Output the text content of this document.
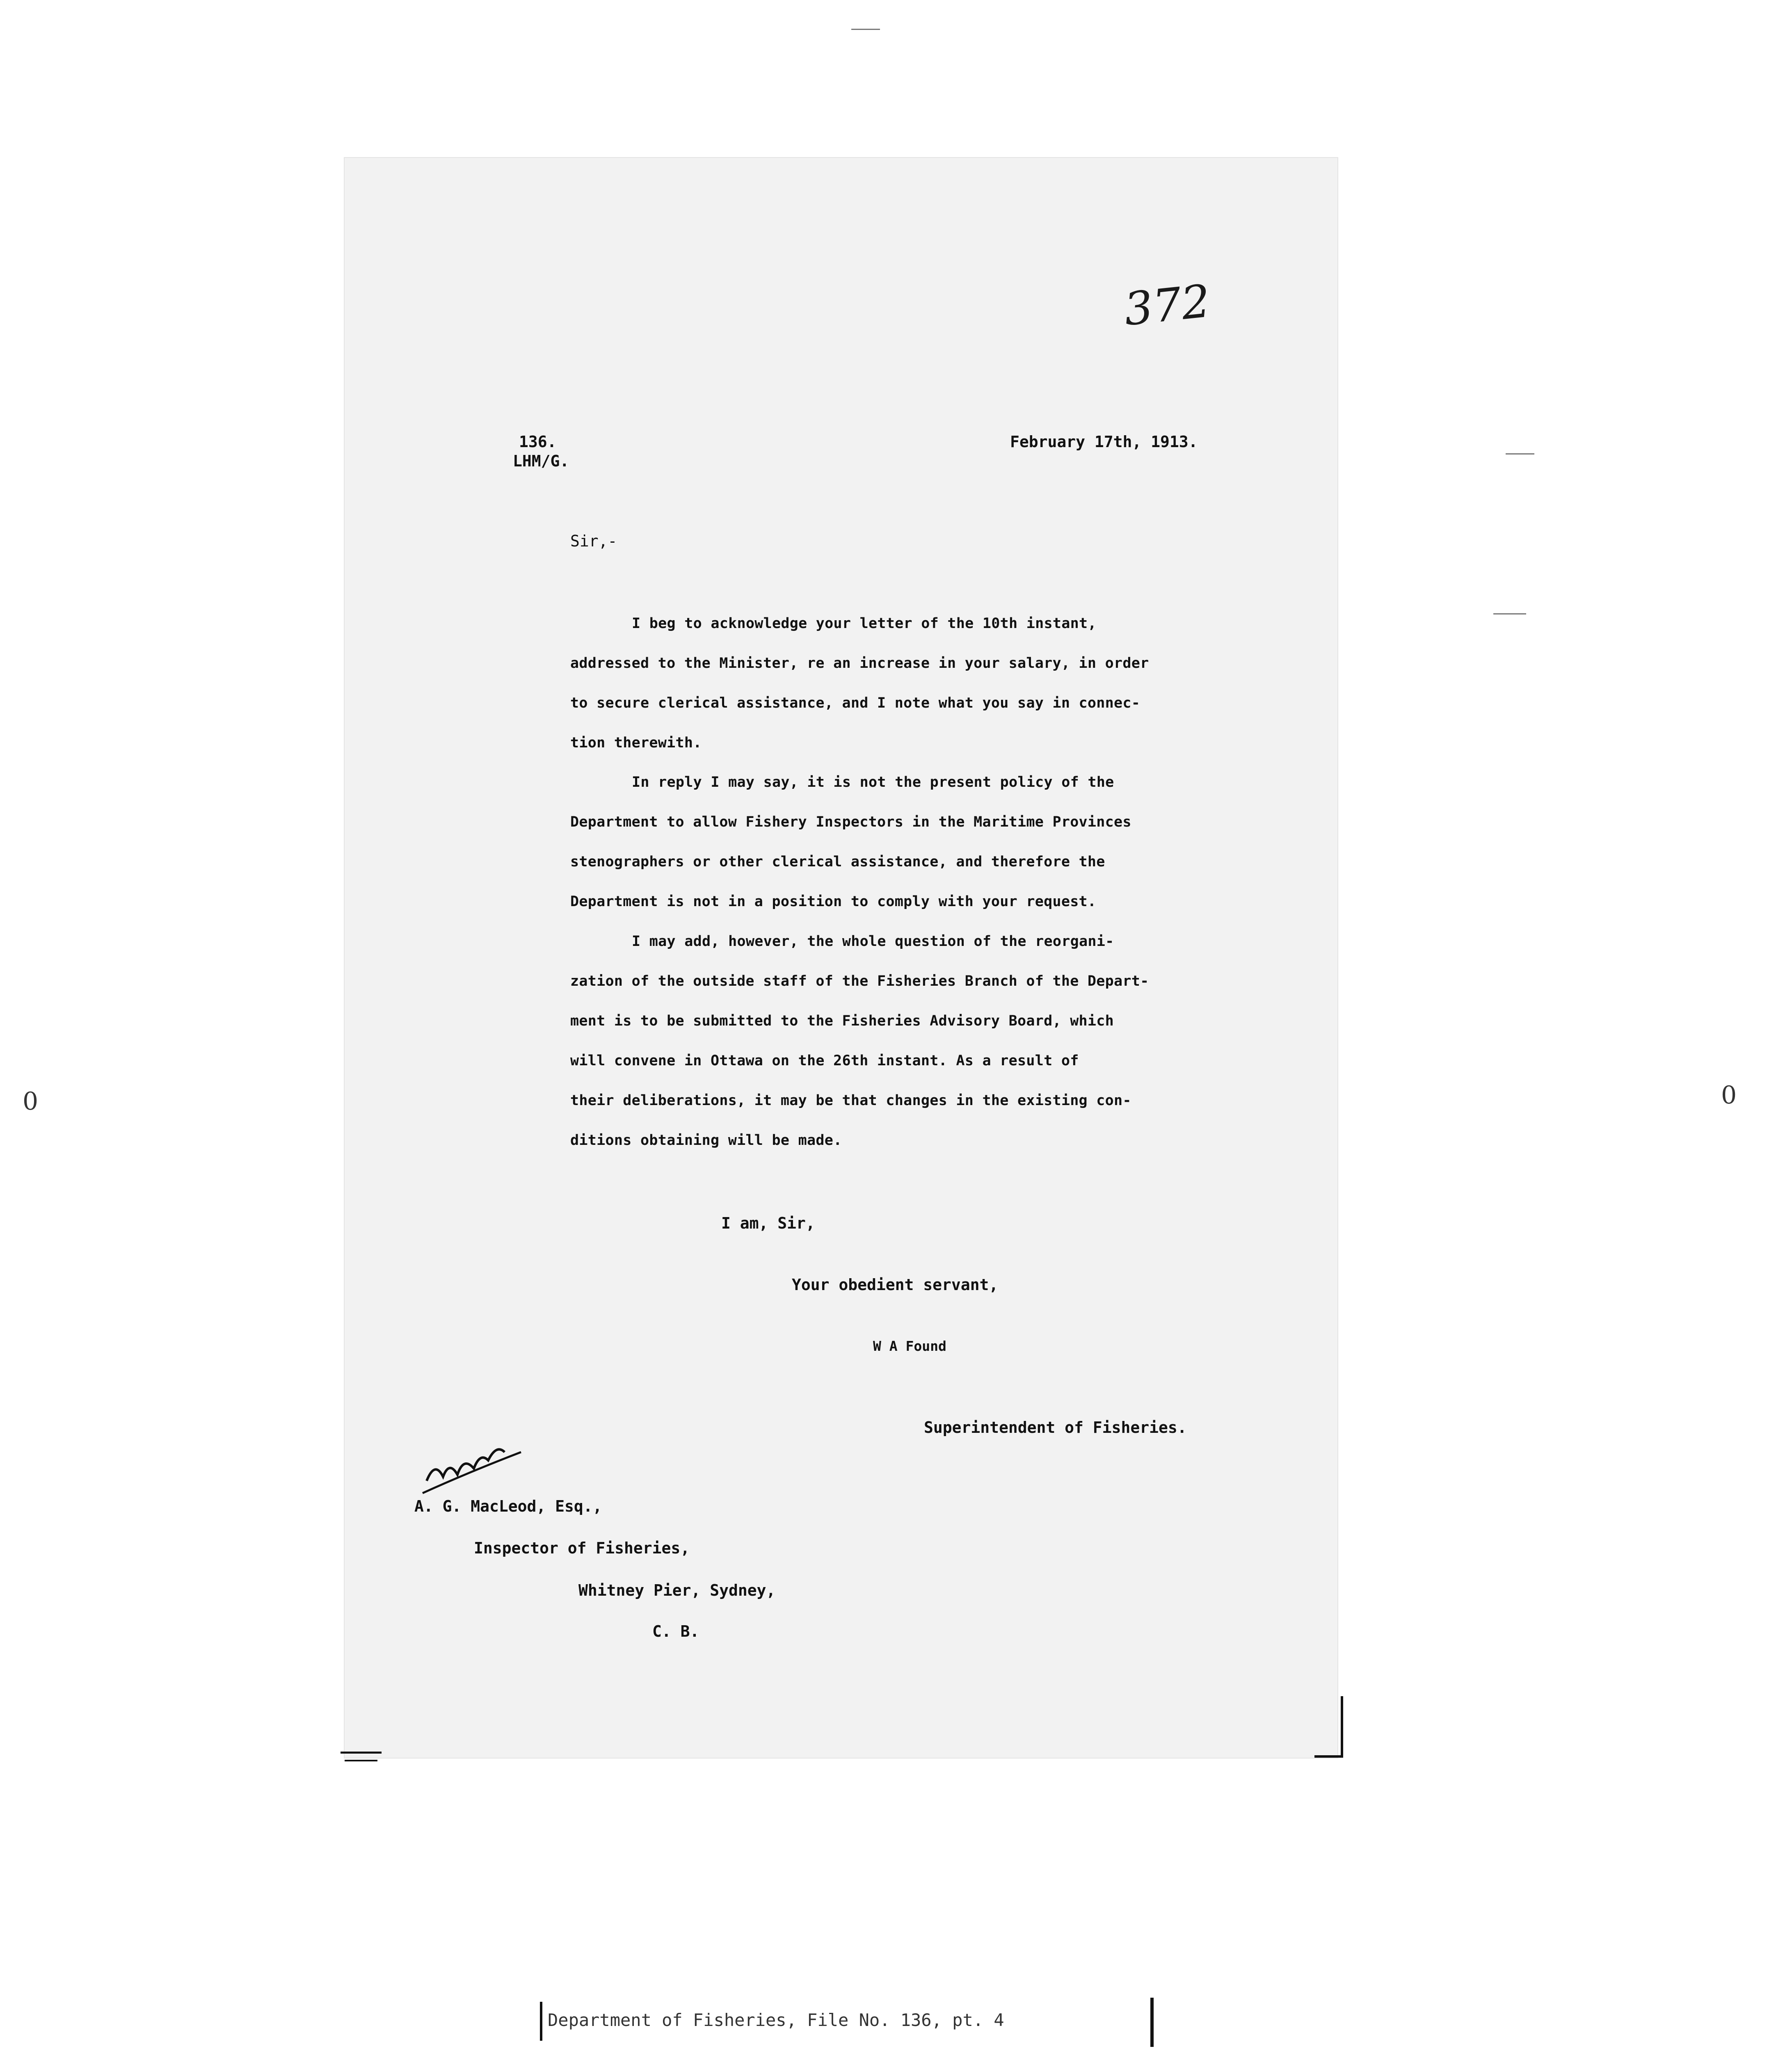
0	0
372
136.
LHM/G.
February 17th, 1913.
Sir,-
I beg to acknowledge your letter of the 10th instant,
addressed to the Minister, re an increase in your salary, in order
to secure clerical assistance, and I note what you say in connec-
tion therewith.
In reply I may say, it is not the present policy of the
Department to allow Fishery Inspectors in the Maritime Provinces
stenographers or other clerical assistance, and therefore the
Department is not in a position to comply with your request.
I may add, however, the whole question of the reorgani-
zation of the outside staff of the Fisheries Branch of the Depart-
ment is to be submitted to the Fisheries Advisory Board, which
will convene in Ottawa on the 26th instant. As a result of
their deliberations, it may be that changes in the existing con-
ditions obtaining will be made.
I am, Sir,
Your obedient servant,
W A Found
Superintendent of Fisheries.
A. G. MacLeod, Esq.,
Inspector of Fisheries,
Whitney Pier, Sydney,
C. B.
Department of Fisheries, File No. 136, pt. 4
